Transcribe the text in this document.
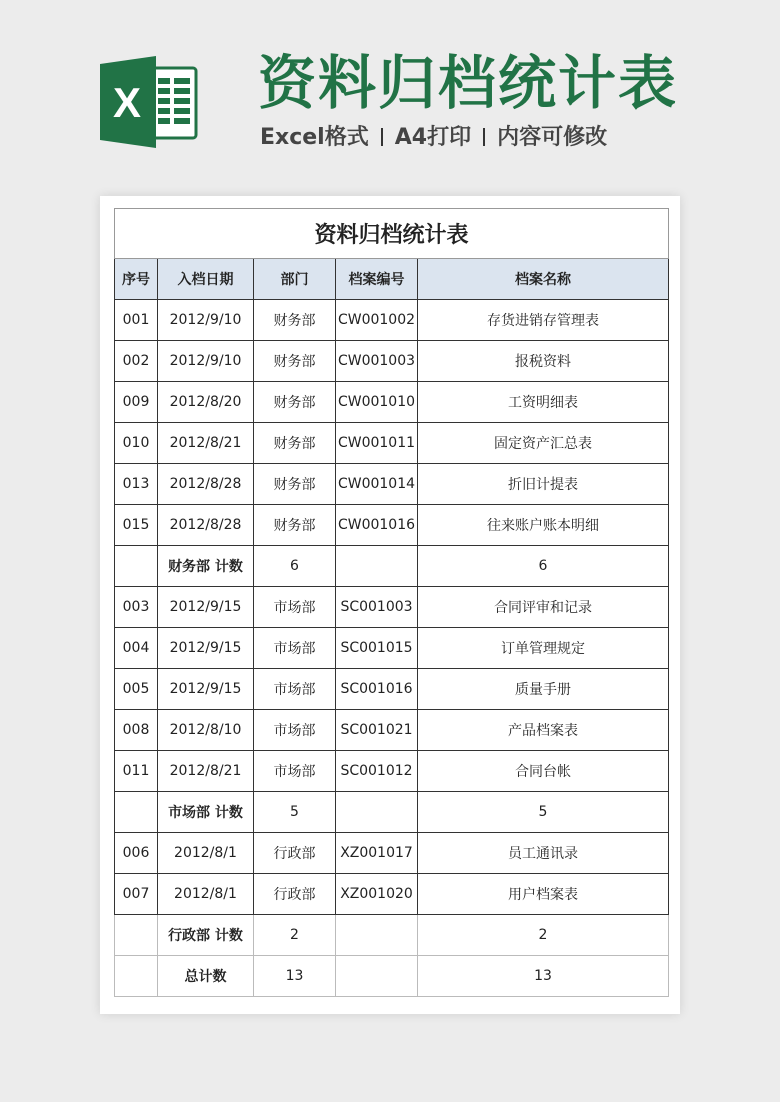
X 资料归档统计表
Excel格式 A4打印 内容可修改
资料归档统计表				
序号	入档日期	部门	档案编号	档案名称
001	2012/9/10	财务部	CW001002	存货进销存管理表
002	2012/9/10	财务部	CW001003	报税资料
009	2012/8/20	财务部	CW001010	工资明细表
010	2012/8/21	财务部	CW001011	固定资产汇总表
013	2012/8/28	财务部	CW001014	折旧计提表
015	2012/8/28	财务部	CW001016	往来账户账本明细
	财务部 计数	6		6
003	2012/9/15	市场部	SC001003	合同评审和记录
004	2012/9/15	市场部	SC001015	订单管理规定
005	2012/9/15	市场部	SC001016	质量手册
008	2012/8/10	市场部	SC001021	产品档案表
011	2012/8/21	市场部	SC001012	合同台帐
	市场部 计数	5		5
006	2012/8/1	行政部	XZ001017	员工通讯录
007	2012/8/1	行政部	XZ001020	用户档案表
	行政部 计数	2		2
	总计数	13		13
